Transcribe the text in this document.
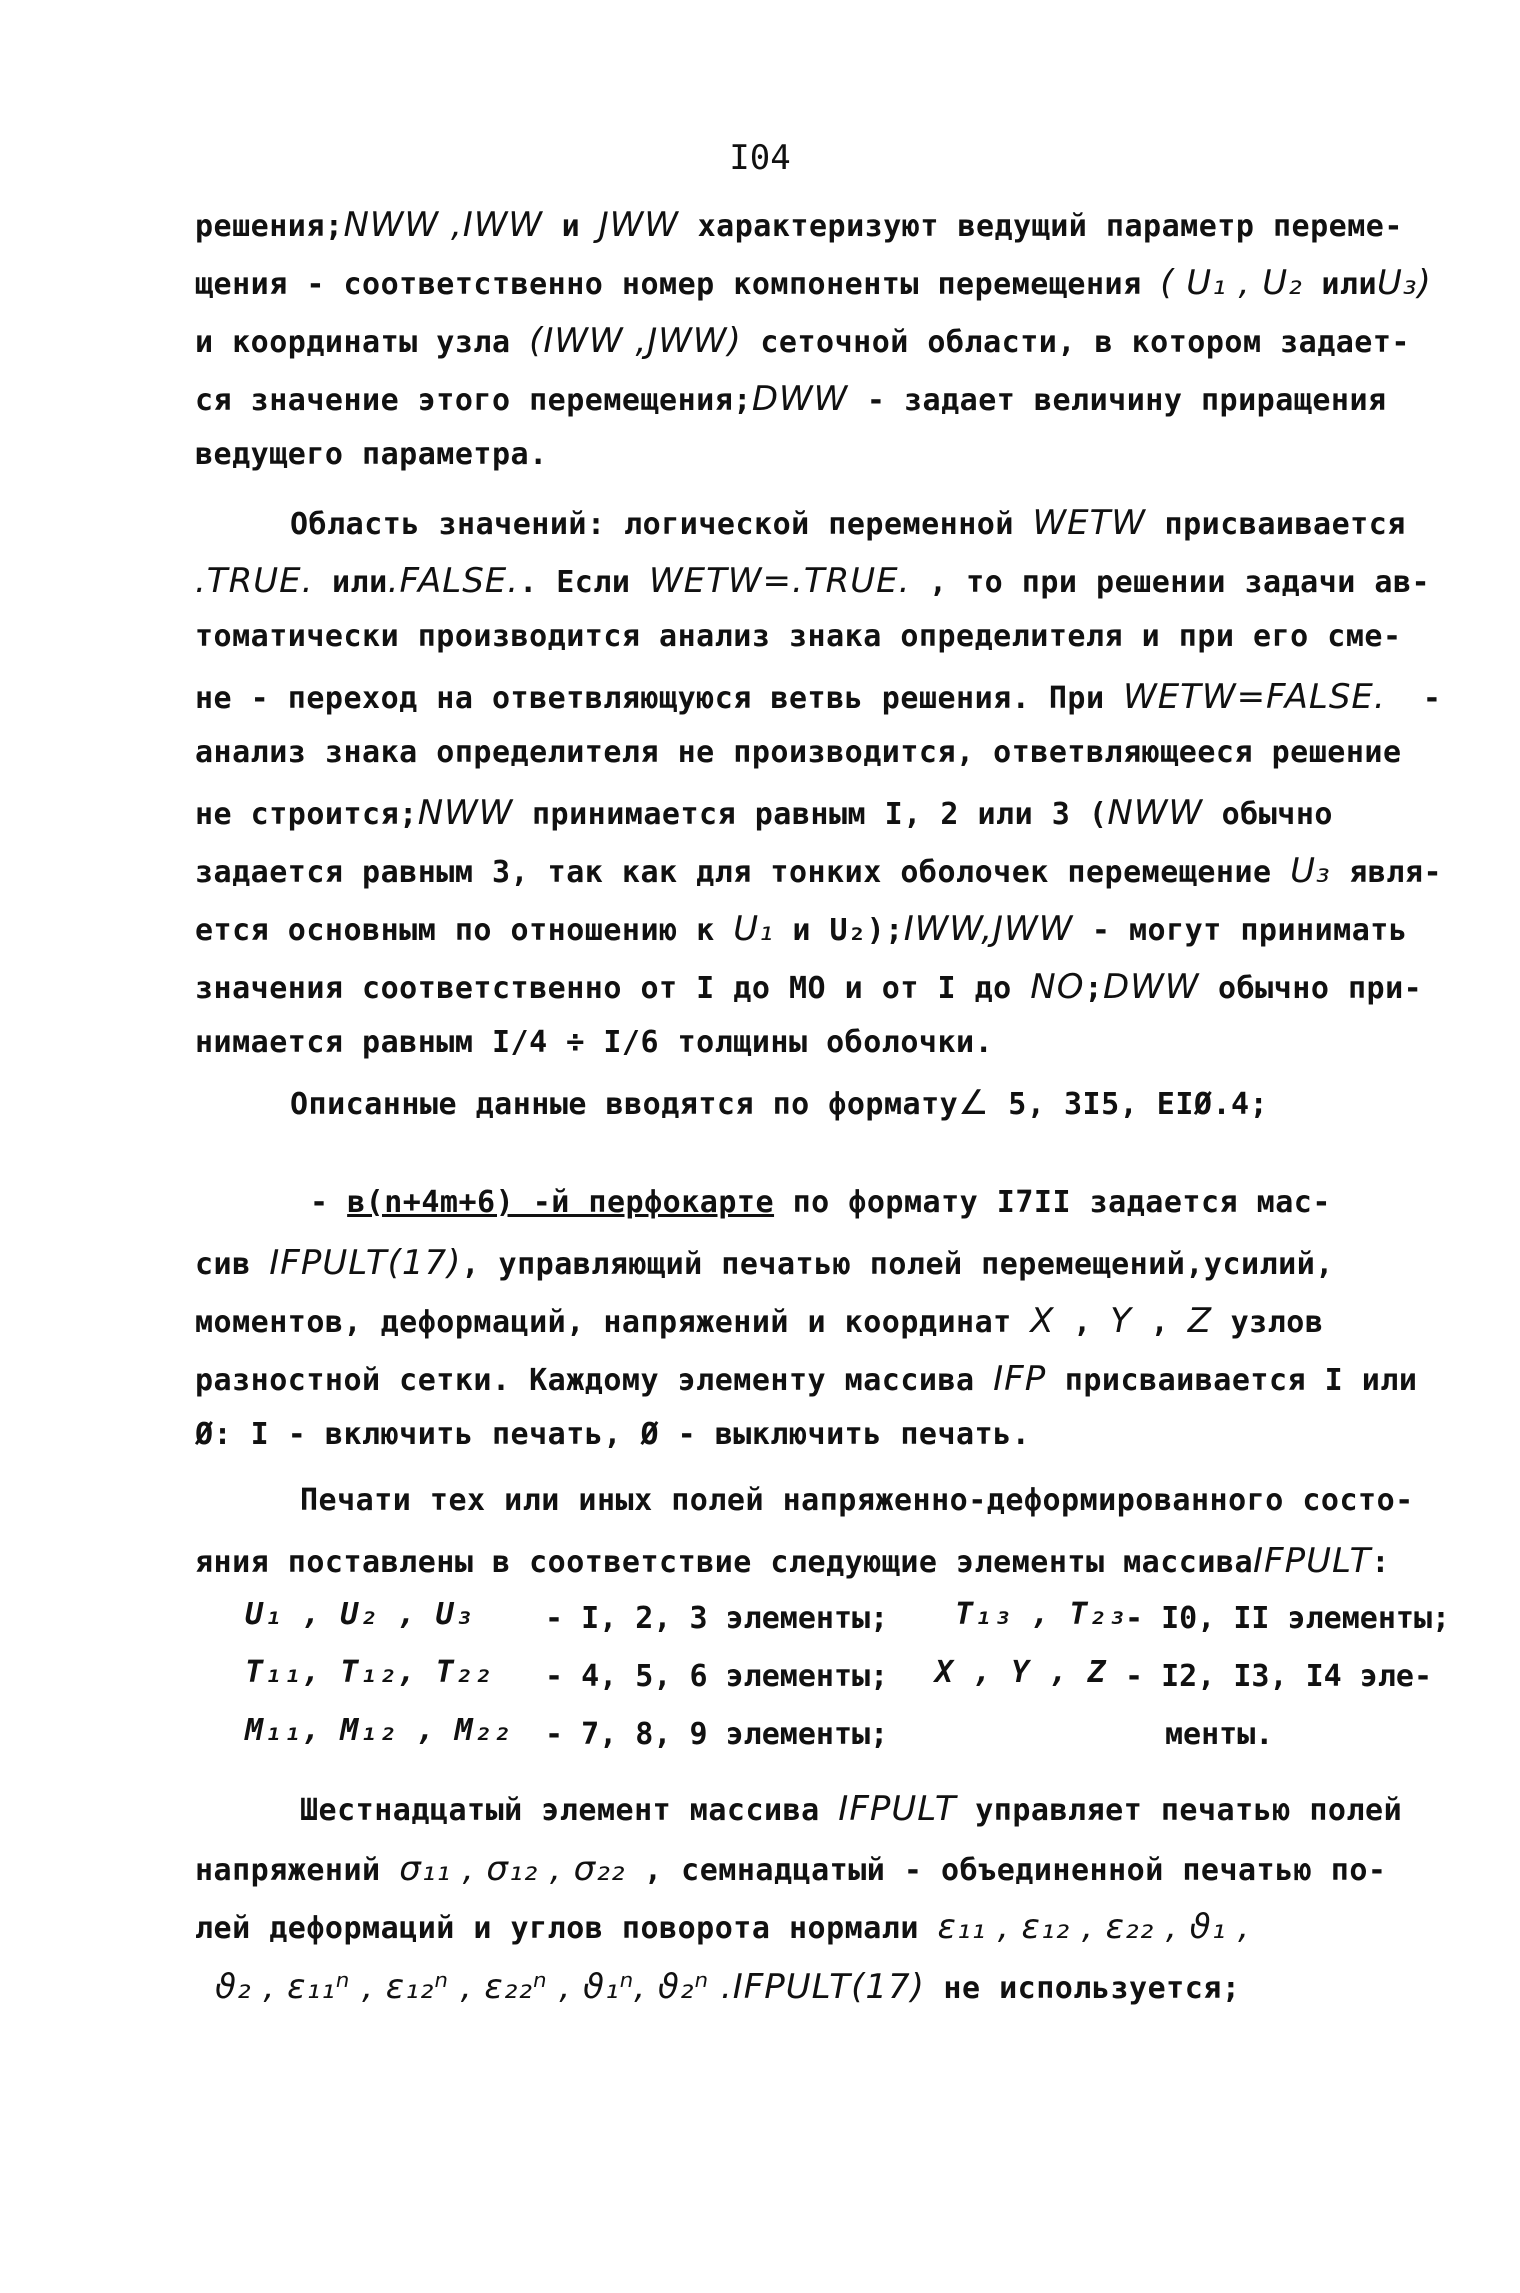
I04
решения;NWW ,IWW и JWW характеризуют ведущий параметр переме-
щения - соответственно номер компоненты перемещения ( U₁ , U₂ илиU₃)
и координаты узла (IWW ,JWW) сеточной области, в котором задает-
ся значение этого перемещения;DWW - задает величину приращения
ведущего параметра.
Область значений: логической переменной WETW присваивается
.TRUE. или.FALSE.. Если WETW=.TRUE. , то при решении задачи ав-
томатически производится анализ знака определителя и при его сме-
не - переход на ответвляющуюся ветвь решения. При WETW=FALSE.  -
анализ знака определителя не производится, ответвляющееся решение
не строится;NWW принимается равным I, 2 или 3 (NWW обычно
задается равным 3, так как для тонких оболочек перемещение U₃ явля-
ется основным по отношению к U₁ и U₂);IWW,JWW - могут принимать
значения соответственно от I до MO и от I до NO;DWW обычно при-
нимается равным I/4 ÷ I/6 толщины оболочки.
Описанные данные вводятся по формату∠ 5, 3I5, EIØ.4;
- в(n+4m+6) -й перфокарте по формату I7II задается мас-
сив IFPULT(17), управляющий печатью полей перемещений,усилий,
моментов, деформаций, напряжений и координат X , Y , Z узлов
разностной сетки. Каждому элементу массива IFP присваивается I или
Ø: I - включить печать, Ø - выключить печать.
Печати тех или иных полей напряженно-деформированного состо-
яния поставлены в соответствие следующие элементы массиваIFPULT:
U₁ , U₂ , U₃ - I, 2, 3 элементы; T₁₃ , T₂₃
- I0, II элементы;
T₁₁, T₁₂, T₂₂ - 4, 5, 6 элементы; X , Y , Z - I2, I3, I4 эле-
M₁₁, M₁₂ , M₂₂ - 7, 8, 9 элементы;	менты.
Шестнадцатый элемент массива IFPULT управляет печатью полей
напряжений σ₁₁ , σ₁₂ , σ₂₂ , семнадцатый - объединенной печатью по-
лей деформаций и углов поворота нормали ε₁₁ , ε₁₂ , ε₂₂ , ϑ₁ ,
ϑ₂ , ε₁₁ⁿ , ε₁₂ⁿ , ε₂₂ⁿ , ϑ₁ⁿ, ϑ₂ⁿ .IFPULT(17) не используется;
